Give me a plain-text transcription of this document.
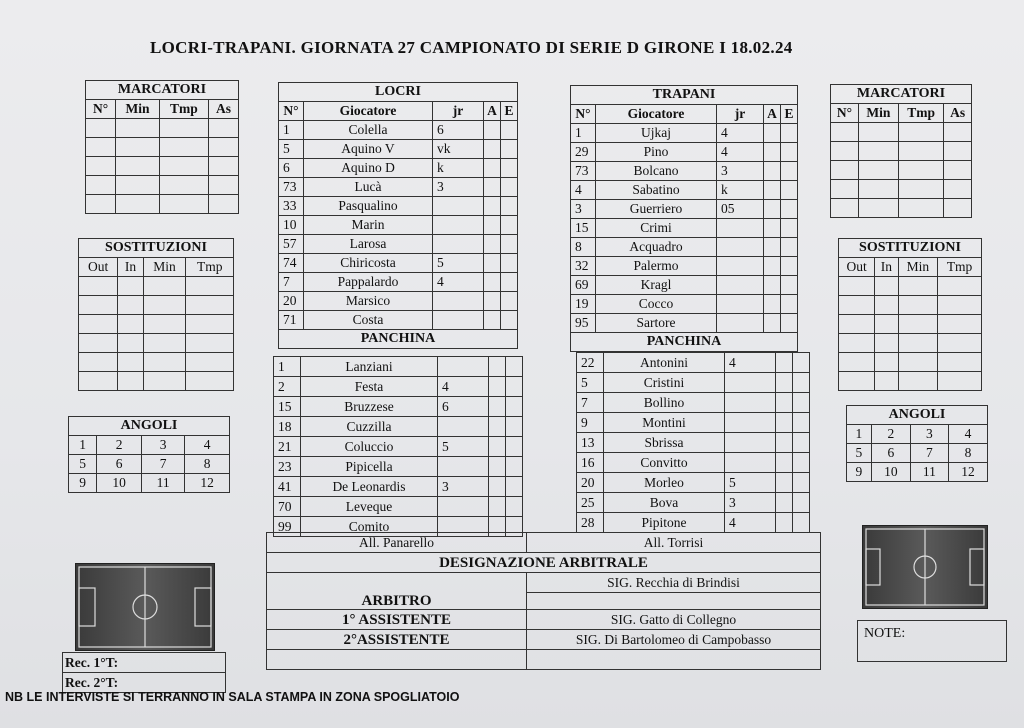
LOCRI-TRAPANI. GIORNATA 27 CAMPIONATO DI SERIE D GIRONE I 18.02.24
MARCATORI			
N°	Min	Tmp	As

SOSTITUZIONI			
Out	In	Min	Tmp

ANGOLI			
1	2	3	4
5	6	7	8
9	10	11	12
Rec. 1°T:
Rec. 2°T:
LOCRI				
N°	Giocatore	jr	A	E
1	Colella	6		
5	Aquino V	vk		
6	Aquino D	k		
73	Lucà	3		
33	Pasqualino			
10	Marin			
57	Larosa			
74	Chiricosta	5		
7	Pappalardo	4		
20	Marsico			
71	Costa			
PANCHINA				
1	Lanziani			
2	Festa	4		
15	Bruzzese	6		
18	Cuzzilla			
21	Coluccio	5		
23	Pipicella			
41	De Leonardis	3		
70	Leveque			
99	Comito			
TRAPANI				
N°	Giocatore	jr	A	E
1	Ujkaj	4		
29	Pino	4		
73	Bolcano	3		
4	Sabatino	k		
3	Guerriero	05		
15	Crimi			
8	Acquadro			
32	Palermo			
69	Kragl			
19	Cocco			
95	Sartore			
PANCHINA				
22	Antonini	4		
5	Cristini			
7	Bollino			
9	Montini			
13	Sbrissa			
16	Convitto			
20	Morleo	5		
25	Bova	3		
28	Pipitone	4		
MARCATORI			
N°	Min	Tmp	As

SOSTITUZIONI			
Out	In	Min	Tmp

ANGOLI			
1	2	3	4
5	6	7	8
9	10	11	12
NOTE:
All. Panarello	All. Torrisi
DESIGNAZIONE ARBITRALE	
ARBITRO	SIG. Recchia di Brindisi

1° ASSISTENTE	SIG. Gatto di Collegno
2°ASSISTENTE	SIG. Di Bartolomeo di Campobasso

NB LE INTERVISTE SI TERRANNO IN SALA STAMPA IN ZONA SPOGLIATOIO
